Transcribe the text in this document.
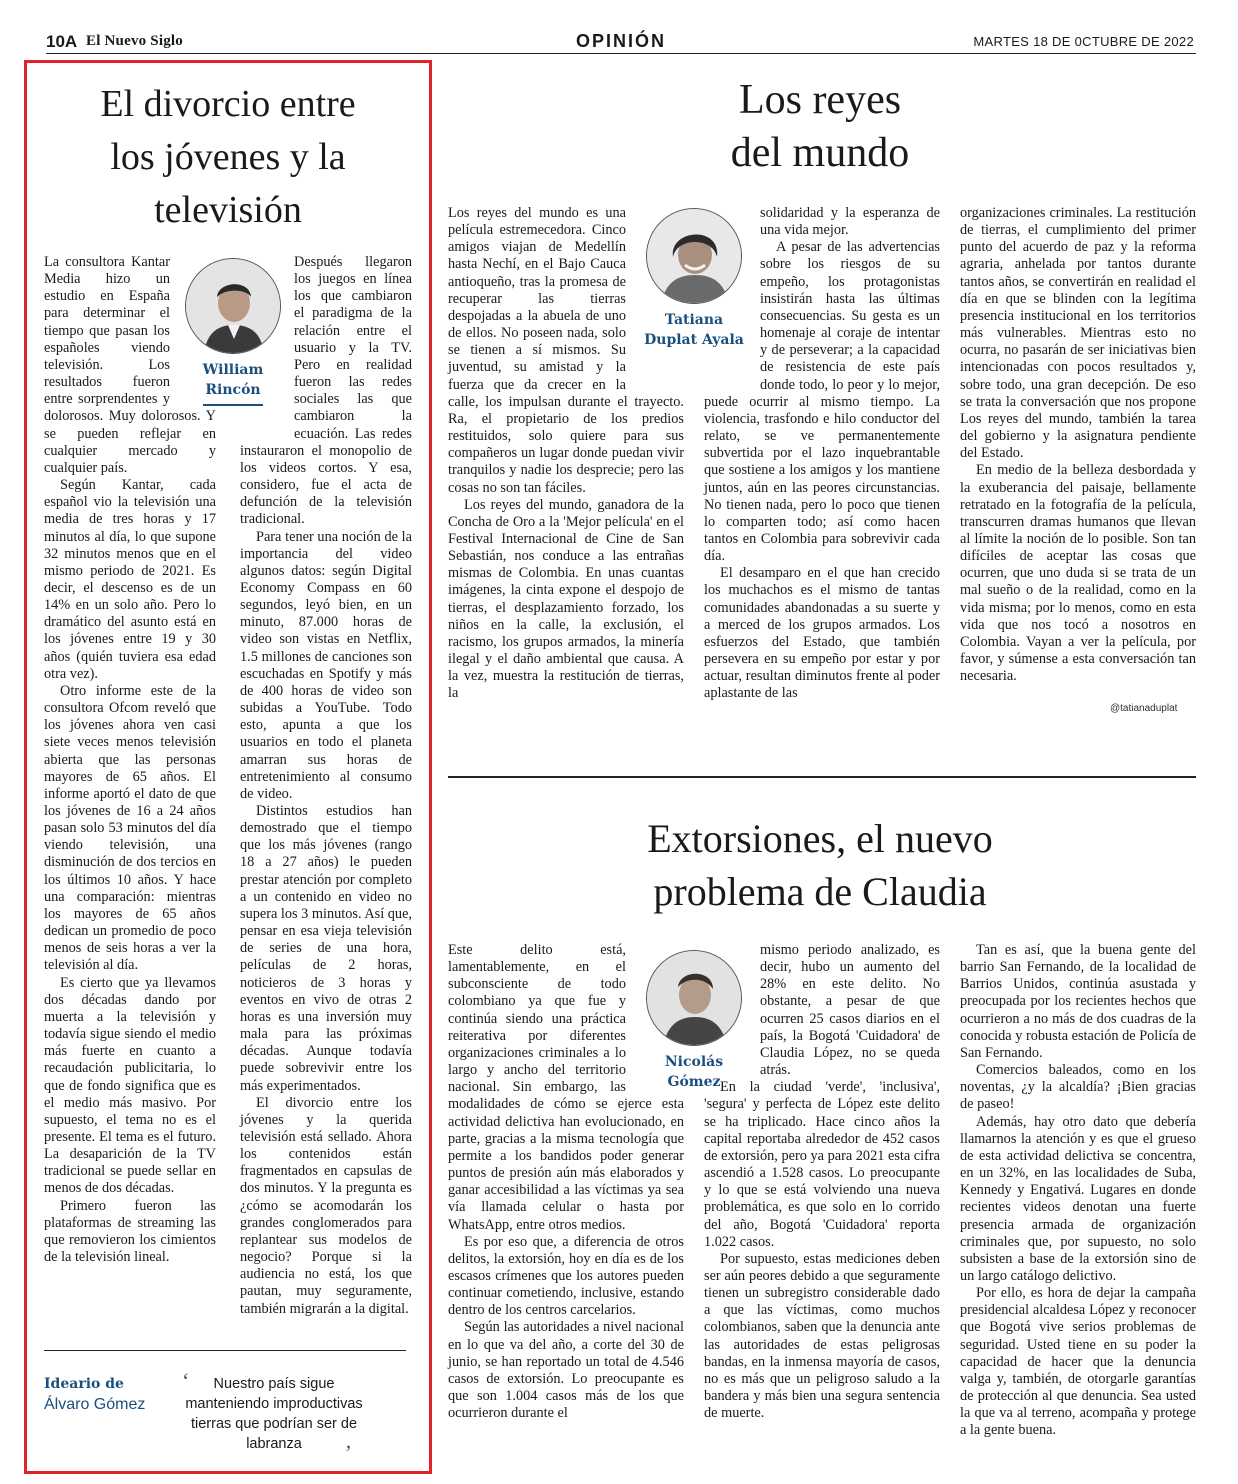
10A El Nuevo Siglo	OPINIÓN	MARTES 18 DE 0CTUBRE DE 2022
El divorcio entre
los jóvenes y la
televisión
William
Rincón

La consultora Kantar Media hizo un estudio en España para determinar el tiempo que pasan los españoles viendo televisión. Los resultados fueron entre sorprendentes y dolorosos. Muy dolorosos. Y se pueden reflejar en cualquier mercado y cualquier país.

Según Kantar, cada español vio la televisión una media de tres horas y 17 minutos al día, lo que supone 32 minutos menos que en el mismo periodo de 2021. Es decir, el descenso es de un 14% en un solo año. Pero lo dramático del asunto está en los jóvenes entre 19 y 30 años (quién tuviera esa edad otra vez).

Otro informe este de la consultora Ofcom reveló que los jóvenes ahora ven casi siete veces menos televisión abierta que las personas mayores de 65 años. El informe aportó el dato de que los jóvenes de 16 a 24 años pasan solo 53 minutos del día viendo televisión, una disminución de dos tercios en los últimos 10 años. Y hace una comparación: mientras los mayores de 65 años dedican un promedio de poco menos de seis horas a ver la televisión al día.

Es cierto que ya llevamos dos décadas dando por muerta a la televisión y todavía sigue siendo el medio más fuerte en cuanto a recaudación publicitaria, lo que de fondo significa que es el medio más masivo. Por supuesto, el tema no es el presente. El tema es el futuro. La desaparición de la TV tradicional se puede sellar en menos de dos décadas.

Primero fueron las plataformas de streaming las que removieron los cimientos de la televisión lineal.

Después llegaron los juegos en línea los que cambiaron el paradigma de la relación entre el usuario y la TV. Pero en realidad fueron las redes sociales las que cambiaron la ecuación. Las redes instauraron el monopolio de los videos cortos. Y esa, considero, fue el acta de defunción de la televisión tradicional.

Para tener una noción de la importancia del video algunos datos: según Digital Economy Compass en 60 segundos, leyó bien, en un minuto, 87.000 horas de video son vistas en Netflix, 1.5 millones de canciones son escuchadas en Spotify y más de 400 horas de video son subidas a YouTube. Todo esto, apunta a que los usuarios en todo el planeta amarran sus horas de entretenimiento al consumo de video.

Distintos estudios han demostrado que el tiempo que los más jóvenes (rango 18 a 27 años) le pueden prestar atención por completo a un contenido en video no supera los 3 minutos. Así que, pensar en esa vieja televisión de series de una hora, películas de 2 horas, noticieros de 3 horas y eventos en vivo de otras 2 horas es una inversión muy mala para las próximas décadas. Aunque todavía puede sobrevivir entre los más experimentados.

El divorcio entre los jóvenes y la querida televisión está sellado. Ahora los contenidos están fragmentados en capsulas de dos minutos. Y la pregunta es ¿cómo se acomodarán los grandes conglomerados para replantear sus modelos de negocio? Porque si la audiencia no está, los que pautan, muy seguramente, también migrarán a la digital.

Ideario de
Álvaro Gómez
‘ Nuestro país sigue manteniendo improductivas tierras que podrían ser de labranza ’
Los reyes
del mundo
Tatiana
Duplat Ayala

Los reyes del mundo es una película estremecedora. Cinco amigos viajan de Medellín hasta Nechí, en el Bajo Cauca antioqueño, tras la promesa de recuperar las tierras despojadas a la abuela de uno de ellos. No poseen nada, solo se tienen a sí mismos. Su juventud, su amistad y la fuerza que da crecer en la calle, los impulsan durante el trayecto. Ra, el propietario de los predios restituidos, solo quiere para sus compañeros un lugar donde puedan vivir tranquilos y nadie los desprecie; pero las cosas no son tan fáciles.

Los reyes del mundo, ganadora de la Concha de Oro a la 'Mejor película' en el Festival Internacional de Cine de San Sebastián, nos conduce a las entrañas mismas de Colombia. En unas cuantas imágenes, la cinta expone el despojo de tierras, el desplazamiento forzado, los niños en la calle, la exclusión, el racismo, los grupos armados, la minería ilegal y el daño ambiental que causa. A la vez, muestra la restitución de tierras, la

solidaridad y la esperanza de una vida mejor.

A pesar de las advertencias sobre los riesgos de su empeño, los protagonistas insistirán hasta las últimas consecuencias. Su gesta es un homenaje al coraje de intentar y de perseverar; a la capacidad de resistencia de este país donde todo, lo peor y lo mejor, puede ocurrir al mismo tiempo. La violencia, trasfondo e hilo conductor del relato, se ve permanentemente subvertida por el lazo inquebrantable que sostiene a los amigos y los mantiene juntos, aún en las peores circunstancias. No tienen nada, pero lo poco que tienen lo comparten todo; así como hacen tantos en Colombia para sobrevivir cada día.

El desamparo en el que han crecido los muchachos es el mismo de tantas comunidades abandonadas a su suerte y a merced de los grupos armados. Los esfuerzos del Estado, que también persevera en su empeño por estar y por actuar, resultan diminutos frente al poder aplastante de las

organizaciones criminales. La restitución de tierras, el cumplimiento del primer punto del acuerdo de paz y la reforma agraria, anhelada por tantos durante tantos años, se convertirán en realidad el día en que se blinden con la legítima presencia institucional en los territorios más vulnerables. Mientras esto no ocurra, no pasarán de ser iniciativas bien intencionadas con pocos resultados y, sobre todo, una gran decepción. De eso se trata la conversación que nos propone Los reyes del mundo, también la tarea del gobierno y la asignatura pendiente del Estado.

En medio de la belleza desbordada y la exuberancia del paisaje, bellamente retratado en la fotografía de la película, transcurren dramas humanos que llevan al límite la noción de lo posible. Son tan difíciles de aceptar las cosas que ocurren, que uno duda si se trata de un mal sueño o de la realidad, como en la vida misma; por lo menos, como en esta vida que nos tocó a nosotros en Colombia. Vayan a ver la película, por favor, y súmense a esta conversación tan necesaria.

@tatianaduplat
Extorsiones, el nuevo
problema de Claudia
Nicolás
Gómez

Este delito está, lamentablemente, en el subconsciente de todo colombiano ya que fue y continúa siendo una práctica reiterativa por diferentes organizaciones criminales a lo largo y ancho del territorio nacional. Sin embargo, las modalidades de cómo se ejerce esta actividad delictiva han evolucionado, en parte, gracias a la misma tecnología que permite a los bandidos poder generar puntos de presión aún más elaborados y ganar accesibilidad a las víctimas ya sea vía llamada celular o hasta por WhatsApp, entre otros medios.

Es por eso que, a diferencia de otros delitos, la extorsión, hoy en día es de los escasos crímenes que los autores pueden continuar cometiendo, inclusive, estando dentro de los centros carcelarios.

Según las autoridades a nivel nacional en lo que va del año, a corte del 30 de junio, se han reportado un total de 4.546 casos de extorsión. Lo preocupante es que son 1.004 casos más de los que ocurrieron durante el

mismo periodo analizado, es decir, hubo un aumento del 28% en este delito. No obstante, a pesar de que ocurren 25 casos diarios en el país, la Bogotá 'Cuidadora' de Claudia López, no se queda atrás.

En la ciudad 'verde', 'inclusiva', 'segura' y perfecta de López este delito se ha triplicado. Hace cinco años la capital reportaba alrededor de 452 casos de extorsión, pero ya para 2021 esta cifra ascendió a 1.528 casos. Lo preocupante y lo que se está volviendo una nueva problemática, es que solo en lo corrido del año, Bogotá 'Cuidadora' reporta 1.022 casos.

Por supuesto, estas mediciones deben ser aún peores debido a que seguramente tienen un subregistro considerable dado a que las víctimas, como muchos colombianos, saben que la denuncia ante las autoridades de estas peligrosas bandas, en la inmensa mayoría de casos, no es más que un peligroso saludo a la bandera y más bien una segura sentencia de muerte.

Tan es así, que la buena gente del barrio San Fernando, de la localidad de Barrios Unidos, continúa asustada y preocupada por los recientes hechos que ocurrieron a no más de dos cuadras de la conocida y robusta estación de Policía de San Fernando.

Comercios baleados, como en los noventas, ¿y la alcaldía? ¡Bien gracias de paseo!

Además, hay otro dato que debería llamarnos la atención y es que el grueso de esta actividad delictiva se concentra, en un 32%, en las localidades de Suba, Kennedy y Engativá. Lugares en donde recientes videos denotan una fuerte presencia armada de organización criminales que, por supuesto, no solo subsisten a base de la extorsión sino de un largo catálogo delictivo.

Por ello, es hora de dejar la campaña presidencial alcaldesa López y reconocer que Bogotá vive serios problemas de seguridad. Usted tiene en su poder la capacidad de hacer que la denuncia valga y, también, de otorgarle garantías de protección al que denuncia. Sea usted la que va al terreno, acompaña y protege a la gente buena.
